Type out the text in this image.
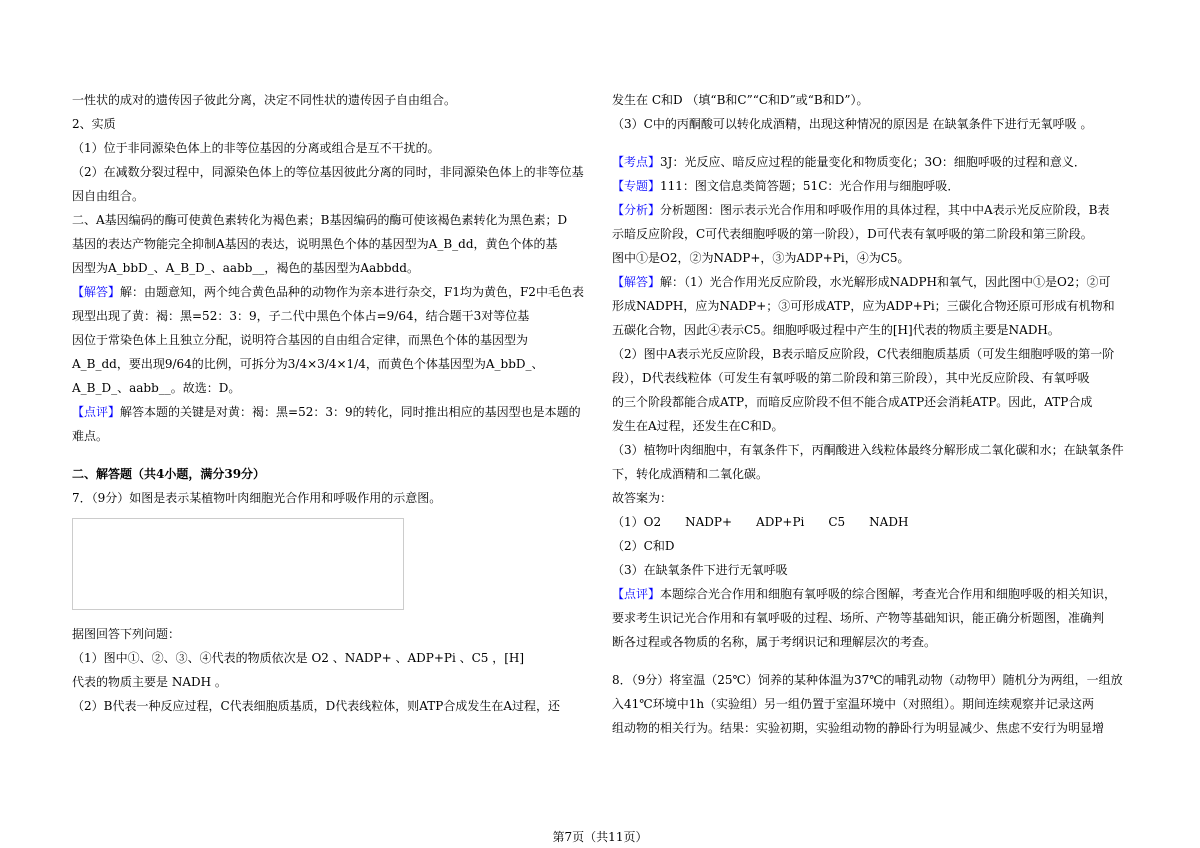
一性状的成对的遗传因子彼此分离，决定不同性状的遗传因子自由组合。

2、实质

（1）位于非同源染色体上的非等位基因的分离或组合是互不干扰的。

（2）在减数分裂过程中，同源染色体上的等位基因彼此分离的同时，非同源染色体上的非等位基因自由组合。

二、A基因编码的酶可使黄色素转化为褐色素；B基因编码的酶可使该褐色素转化为黑色素；D

基因的表达产物能完全抑制A基因的表达，说明黑色个体的基因型为A_B_dd，黄色个体的基

因型为A_bbD_、A_B_D_、aabb__，褐色的基因型为Aabbdd。

【解答】解：由题意知，两个纯合黄色品种的动物作为亲本进行杂交，F1均为黄色，F2中毛色表

现型出现了黄：褐：黑=52：3：9，子二代中黑色个体占=9/64，结合题干3对等位基

因位于常染色体上且独立分配，说明符合基因的自由组合定律，而黑色个体的基因型为

A_B_dd，要出现9/64的比例，可拆分为3/4×3/4×1/4，而黄色个体基因型为A_bbD_、A_B_D_、aabb__。故选：D。

【点评】解答本题的关键是对黄：褐：黑=52：3：9的转化，同时推出相应的基因型也是本题的

难点。

二、解答题（共4小题，满分39分）

7．（9分）如图是表示某植物叶肉细胞光合作用和呼吸作用的示意图。

据图回答下列问题：

（1）图中①、②、③、④代表的物质依次是 O2 、NADP+ 、ADP+Pi 、C5 ，[H]

代表的物质主要是 NADH 。

（2）B代表一种反应过程，C代表细胞质基质，D代表线粒体，则ATP合成发生在A过程，还

发生在 C和D （填“B和C”“C和D”或“B和D”）。

（3）C中的丙酮酸可以转化成酒精，出现这种情况的原因是 在缺氧条件下进行无氧呼吸 。

【考点】3J：光反应、暗反应过程的能量变化和物质变化；3O：细胞呼吸的过程和意义．

【专题】111：图文信息类简答题；51C：光合作用与细胞呼吸．

【分析】分析题图：图示表示光合作用和呼吸作用的具体过程，其中中A表示光反应阶段，B表

示暗反应阶段，C可代表细胞呼吸的第一阶段），D可代表有氧呼吸的第二阶段和第三阶段。

图中①是O2，②为NADP+，③为ADP+Pi，④为C5。

【解答】解：（1）光合作用光反应阶段，水光解形成NADPH和氧气，因此图中①是O2；②可

形成NADPH，应为NADP+；③可形成ATP，应为ADP+Pi；三碳化合物还原可形成有机物和

五碳化合物，因此④表示C5。细胞呼吸过程中产生的[H]代表的物质主要是NADH。

（2）图中A表示光反应阶段，B表示暗反应阶段，C代表细胞质基质（可发生细胞呼吸的第一阶

段），D代表线粒体（可发生有氧呼吸的第二阶段和第三阶段），其中光反应阶段、有氧呼吸

的三个阶段都能合成ATP，而暗反应阶段不但不能合成ATP还会消耗ATP。因此，ATP合成

发生在A过程，还发生在C和D。

（3）植物叶肉细胞中，有氧条件下，丙酮酸进入线粒体最终分解形成二氧化碳和水；在缺氧条件

下，转化成酒精和二氧化碳。

故答案为：

（1）O2　　NADP+　　ADP+Pi　　C5　　NADH

（2）C和D

（3）在缺氧条件下进行无氧呼吸

【点评】本题综合光合作用和细胞有氧呼吸的综合图解，考查光合作用和细胞呼吸的相关知识，

要求考生识记光合作用和有氧呼吸的过程、场所、产物等基础知识，能正确分析题图，准确判

断各过程或各物质的名称，属于考纲识记和理解层次的考查。

8．（9分）将室温（25℃）饲养的某种体温为37℃的哺乳动物（动物甲）随机分为两组，一组放

入41℃环境中1h（实验组）另一组仍置于室温环境中（对照组）。期间连续观察并记录这两

组动物的相关行为。结果：实验初期，实验组动物的静卧行为明显减少、焦虑不安行为明显增

第7页（共11页）
